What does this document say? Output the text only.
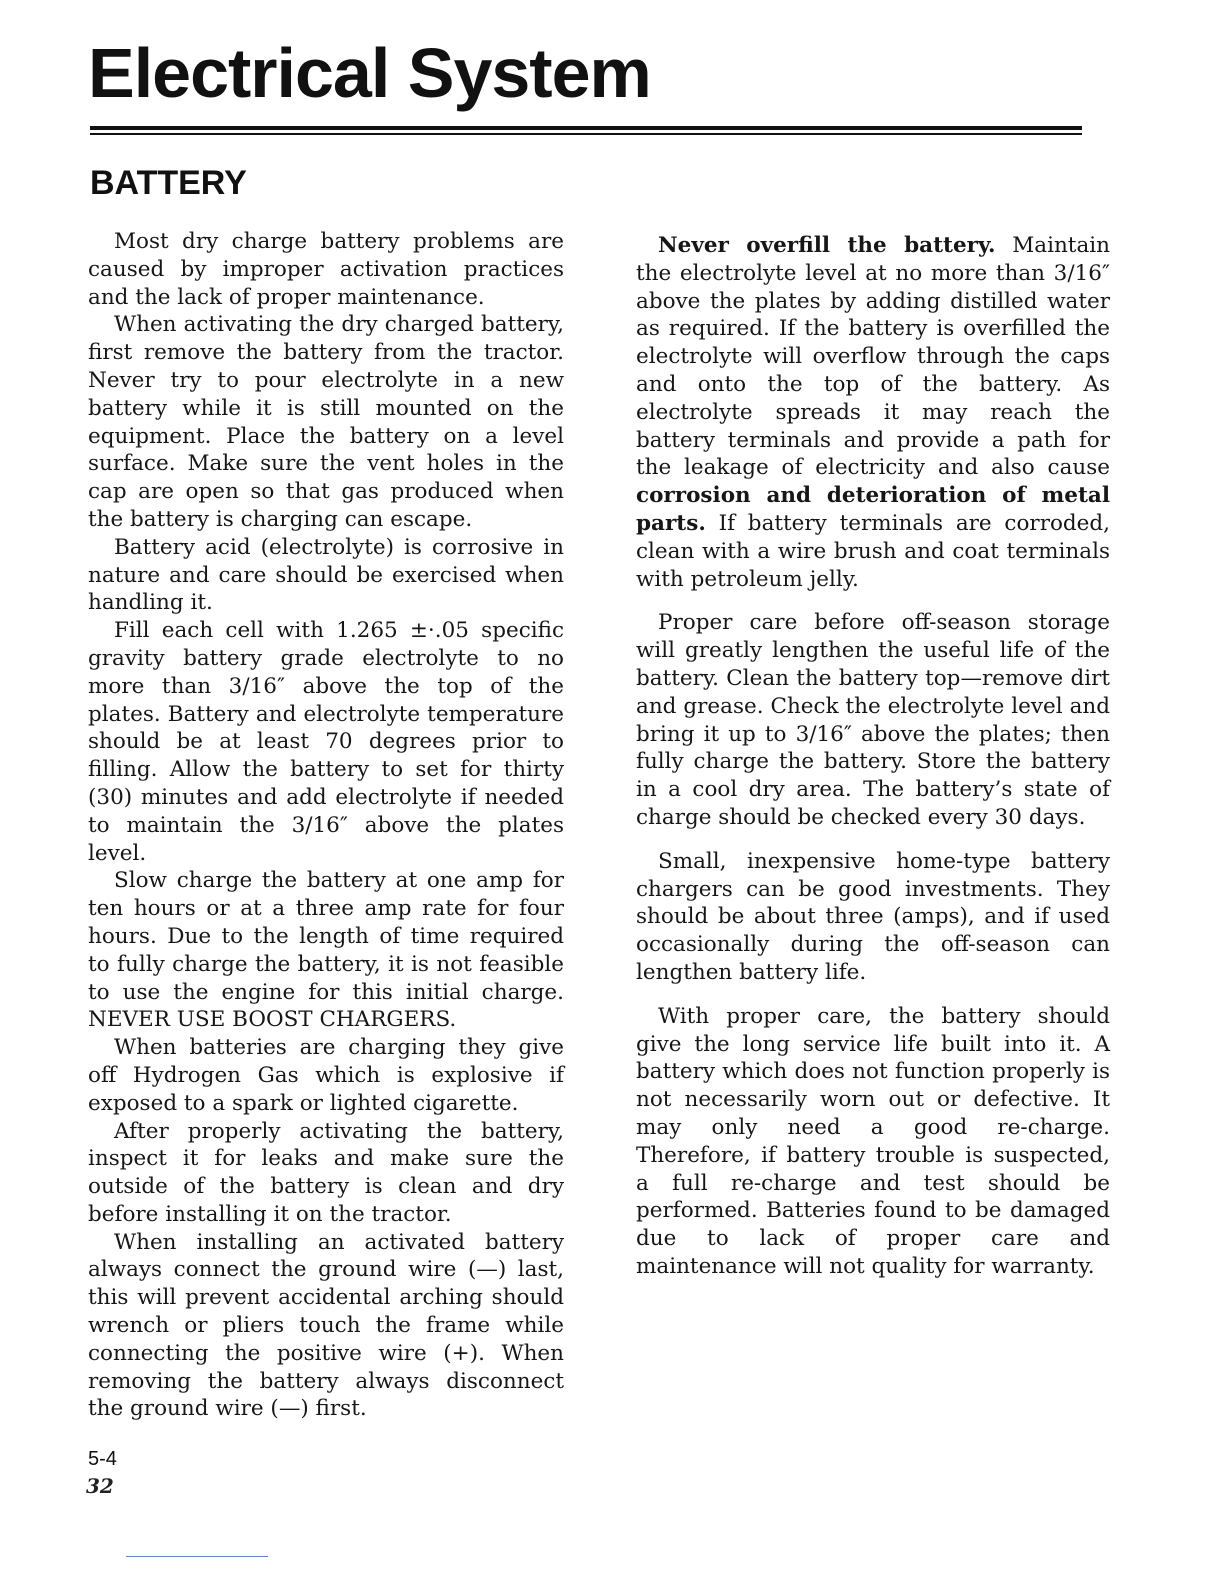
Electrical System
BATTERY

Most dry charge battery problems are caused by improper activation practices and the lack of proper maintenance.

When activating the dry charged battery, first remove the battery from the tractor. Never try to pour electrolyte in a new battery while it is still mounted on the equipment. Place the battery on a level surface. Make sure the vent holes in the cap are open so that gas produced when the battery is charging can escape.

Battery acid (electrolyte) is corrosive in nature and care should be exercised when handling it.

Fill each cell with 1.265 ±·.05 specific gravity battery grade electrolyte to no more than 3/16″ above the top of the plates. Battery and electrolyte temperature should be at least 70 degrees prior to filling. Allow the battery to set for thirty (30) minutes and add electrolyte if needed to maintain the 3/16″ above the plates level.

Slow charge the battery at one amp for ten hours or at a three amp rate for four hours. Due to the length of time required to fully charge the battery, it is not feasible to use the engine for this initial charge. NEVER USE BOOST CHARGERS.

When batteries are charging they give off Hydrogen Gas which is explosive if exposed to a spark or lighted cigarette.

After properly activating the battery, inspect it for leaks and make sure the outside of the battery is clean and dry before installing it on the tractor.

When installing an activated battery always connect the ground wire (—) last, this will prevent accidental arching should wrench or pliers touch the frame while connecting the positive wire (+). When removing the battery always disconnect the ground wire (—) first.

Never overfill the battery. Maintain the electrolyte level at no more than 3/16″ above the plates by adding distilled water as required. If the battery is overfilled the electrolyte will overflow through the caps and onto the top of the battery. As electrolyte spreads it may reach the battery terminals and provide a path for the leakage of electricity and also cause corrosion and deterioration of metal parts. If battery terminals are corroded, clean with a wire brush and coat terminals with petroleum jelly.

Proper care before off-season storage will greatly lengthen the useful life of the battery. Clean the battery top—remove dirt and grease. Check the electrolyte level and bring it up to 3/16″ above the plates; then fully charge the battery. Store the battery in a cool dry area. The battery’s state of charge should be checked every 30 days.

Small, inexpensive home-type battery chargers can be good investments. They should be about three (amps), and if used occasionally during the off-season can lengthen battery life.

With proper care, the battery should give the long service life built into it. A battery which does not function properly is not necessarily worn out or defective. It may only need a good re-charge. Therefore, if battery trouble is suspected, a full re-charge and test should be performed. Batteries found to be damaged due to lack of proper care and maintenance will not quality for warranty.

5-4
32
